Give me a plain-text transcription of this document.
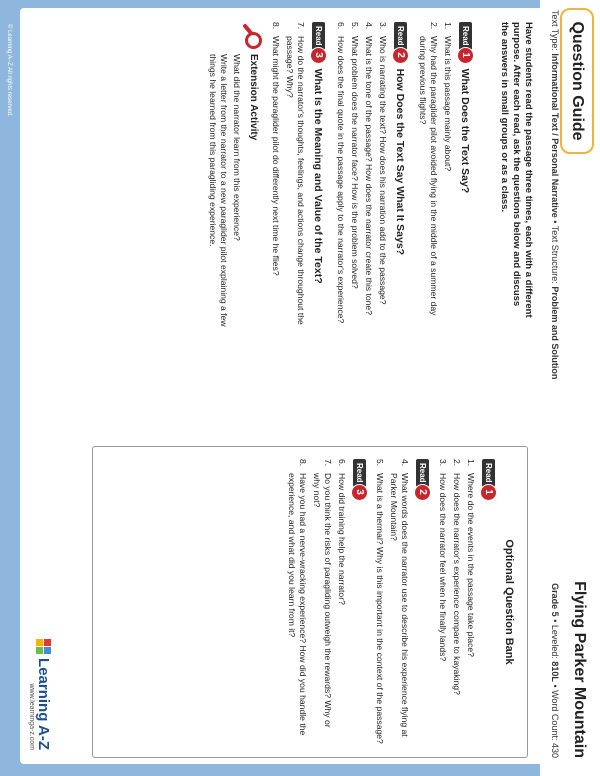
Question Guide
Flying Parker Mountain
Text Type: Informational Text / Personal Narrative • Text Structure: Problem and Solution
Grade 5 • Leveled: 810L • Word Count: 430
Have students read the passage three times, each with a different purpose. After each read, ask the questions below and discuss the answers in small groups or as a class.
Read
1
What Does the Text Say?
1.
What is this passage mainly about?
2.
Why had the paraglider pilot avoided flying in the middle of a summer day during previous flights?
Read
2
How Does the Text Say What It Says?
3.
Who is narrating the text? How does his narration add to the passage?
4.
What is the tone of the passage? How does the narrator create this tone?
5.
What problem does the narrator face? How is the problem solved?
6.
How does the final quote in the passage apply to the narrator's experience?
Read
3
What Is the Meaning and Value of the Text?
7.
How do the narrator's thoughts, feelings, and actions change throughout the passage? Why?
8.
What might the paraglider pilot do differently next time he flies?
Extension Activity
What did the narrator learn from this experience?
Write a letter from the narrator to a new paraglider pilot explaining a few things he learned from this paragliding experience.
Optional Question Bank
Read
1
1.
Where do the events in the passage take place?
2.
How does the narrator's experience compare to kayaking?
3.
How does the narrator feel when he finally lands?
Read
2
4.
What words does the narrator use to describe his experience flying at Parker Mountain?
5.
What is a thermal? Why is this important in the context of the passage?
Read
3
6.
How did training help the narrator?
7.
Do you think the risks of paragliding outweigh the rewards? Why or why not?
8.
Have you had a nerve-wracking experience? How did you handle the experience, and what did you learn from it?
Learning A-Z
www.learninga-z.com
© Learning A–Z All rights reserved.
